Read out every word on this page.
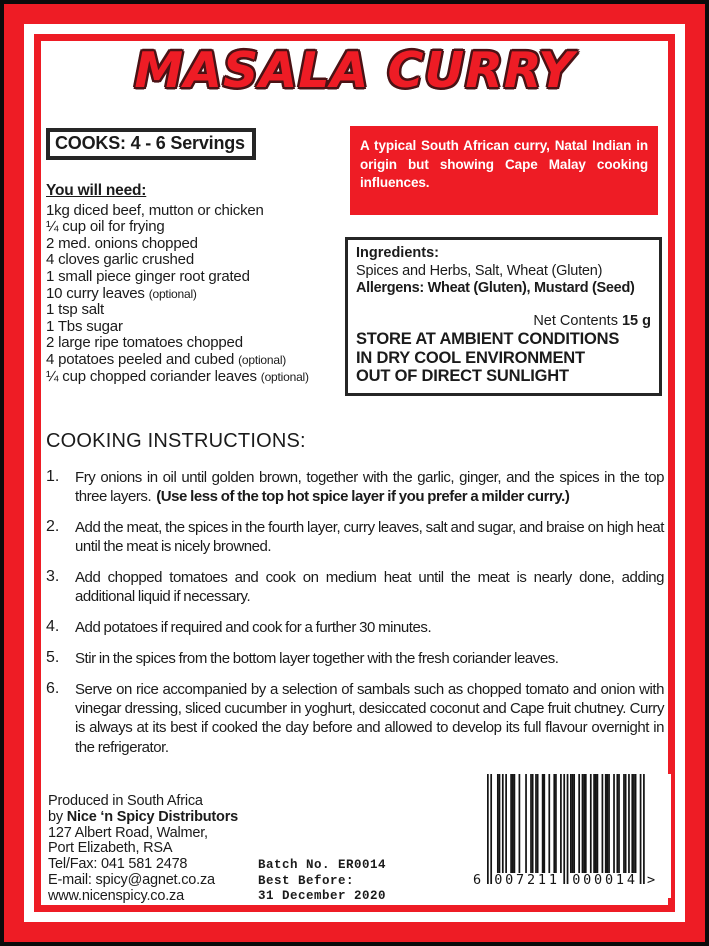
MASALA CURRY
COOKS: 4 - 6 Servings	A typical South African curry, Natal Indian in origin but showing Cape Malay cooking influences.
You will need:
1kg diced beef, mutton or chicken
¼ cup oil for frying
2 med. onions chopped
4 cloves garlic crushed
1 small piece ginger root grated
10 curry leaves (optional)
1 tsp salt
1 Tbs sugar
2 large ripe tomatoes chopped
4 potatoes peeled and cubed (optional)
¼ cup chopped coriander leaves (optional)
Ingredients:
Spices and Herbs, Salt, Wheat (Gluten)
Allergens: Wheat (Gluten), Mustard (Seed)
Net Contents 15 g
STORE AT AMBIENT CONDITIONS
IN DRY COOL ENVIRONMENT
OUT OF DIRECT SUNLIGHT
COOKING INSTRUCTIONS:
1.	Fry onions in oil until golden brown, together with the garlic, ginger, and the spices in the top three layers. (Use less of the top hot spice layer if you prefer a milder curry.)
2.	Add the meat, the spices in the fourth layer, curry leaves, salt and sugar, and braise on high heat until the meat is nicely browned.
3.	Add chopped tomatoes and cook on medium heat until the meat is nearly done, adding additional liquid if necessary.
4.	Add potatoes if required and cook for a further 30 minutes.
5.	Stir in the spices from the bottom layer together with the fresh coriander leaves.
6.	Serve on rice accompanied by a selection of sambals such as chopped tomato and onion with vinegar dressing, sliced cucumber in yoghurt, desiccated coconut and Cape fruit chutney. Curry is always at its best if cooked the day before and allowed to develop its full flavour overnight in the refrigerator.
Produced in South Africa
by Nice ‘n Spicy Distributors
127 Albert Road, Walmer,
Port Elizabeth, RSA
Tel/Fax: 041 581 2478
E-mail: spicy@agnet.co.za
www.nicenspicy.co.za
Batch No. ER0014
Best Before:
31 December 2020
6 007211 000014 >
